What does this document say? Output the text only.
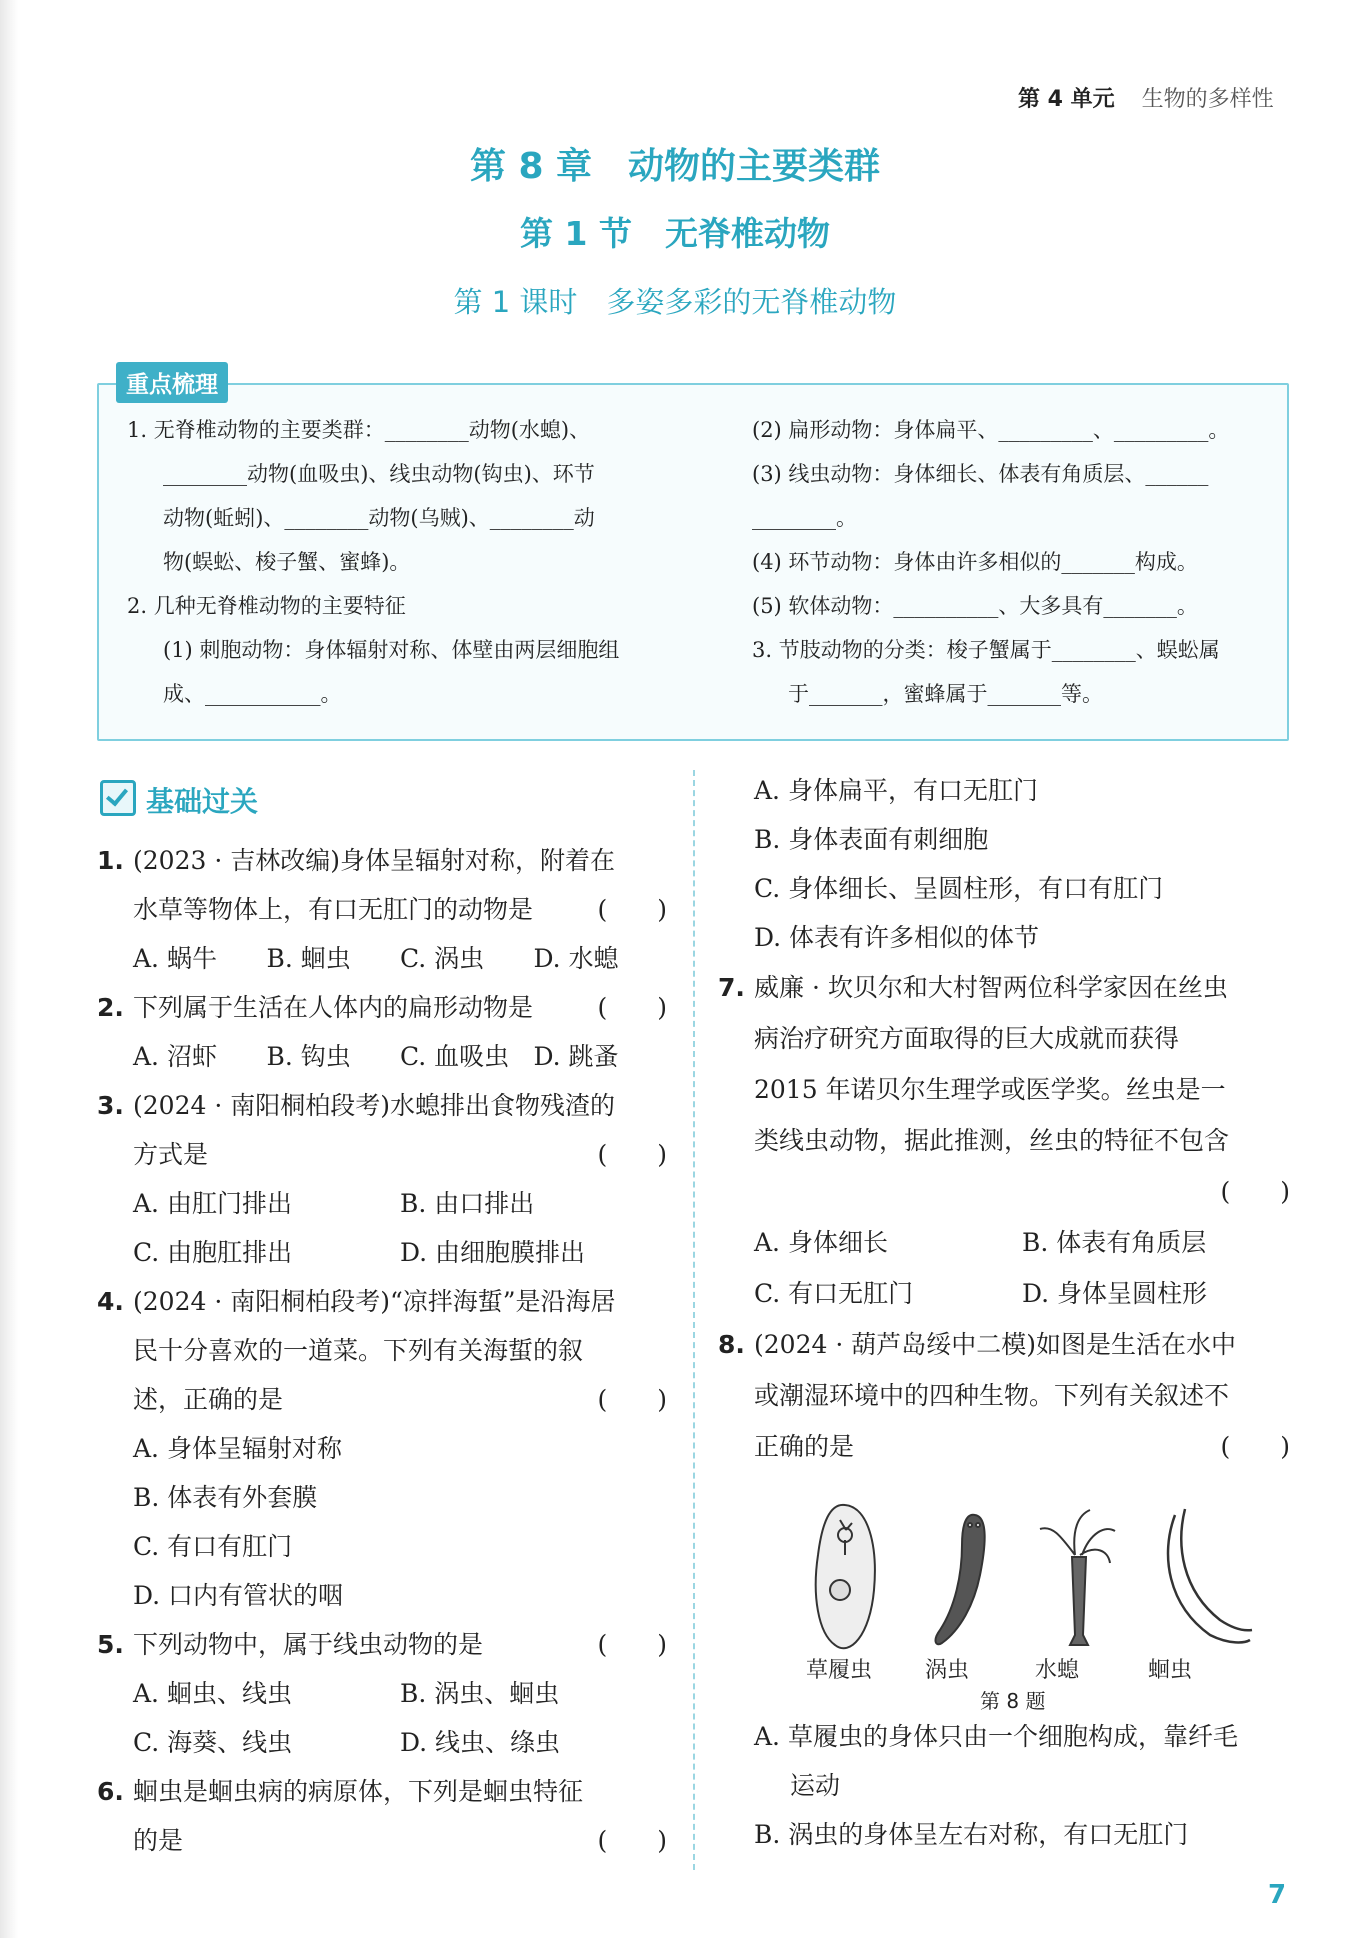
第 4 单元 生物的多样性
第 8 章　动物的主要类群
第 1 节　无脊椎动物
第 1 课时　多姿多彩的无脊椎动物
重点梳理
1. 无脊椎动物的主要类群：________动物(水螅)、
________动物(血吸虫)、线虫动物(钩虫)、环节
动物(蚯蚓)、________动物(乌贼)、________动
物(蜈蚣、梭子蟹、蜜蜂)。
2. 几种无脊椎动物的主要特征
(1) 刺胞动物：身体辐射对称、体壁由两层细胞组
成、___________。
(2) 扁形动物：身体扁平、_________、_________。
(3) 线虫动物：身体细长、体表有角质层、______
________。
(4) 环节动物：身体由许多相似的_______构成。
(5) 软体动物：__________、大多具有_______。
3. 节肢动物的分类：梭子蟹属于________、蜈蚣属
于_______，蜜蜂属于_______等。
基础过关
1. (2023 · 吉林改编)身体呈辐射对称，附着在
水草等物体上，有口无肛门的动物是	(　　)
A. 蜗牛	B. 蛔虫	C. 涡虫	D. 水螅
2. 下列属于生活在人体内的扁形动物是	(　　)
A. 沼虾	B. 钩虫	C. 血吸虫 D. 跳蚤
3. (2024 · 南阳桐柏段考)水螅排出食物残渣的
方式是	(　　)
A. 由肛门排出	B. 由口排出
C. 由胞肛排出	D. 由细胞膜排出
4. (2024 · 南阳桐柏段考)“凉拌海蜇”是沿海居
民十分喜欢的一道菜。下列有关海蜇的叙
述，正确的是	(　　)
A. 身体呈辐射对称
B. 体表有外套膜
C. 有口有肛门
D. 口内有管状的咽
5. 下列动物中，属于线虫动物的是	(　　)
A. 蛔虫、线虫	B. 涡虫、蛔虫
C. 海葵、线虫	D. 线虫、绦虫
6. 蛔虫是蛔虫病的病原体，下列是蛔虫特征
的是	(　　)
A. 身体扁平，有口无肛门
B. 身体表面有刺细胞
C. 身体细长、呈圆柱形，有口有肛门
D. 体表有许多相似的体节
7. 威廉 · 坎贝尔和大村智两位科学家因在丝虫
病治疗研究方面取得的巨大成就而获得
2015 年诺贝尔生理学或医学奖。丝虫是一
类线虫动物，据此推测，丝虫的特征不包含
(　　)
A. 身体细长	B. 体表有角质层
C. 有口无肛门	D. 身体呈圆柱形
8. (2024 · 葫芦岛绥中二模)如图是生活在水中
或潮湿环境中的四种生物。下列有关叙述不
正确的是	(　　)
草履虫 涡虫	水螅	蛔虫
第 8 题
A. 草履虫的身体只由一个细胞构成，靠纤毛
运动
B. 涡虫的身体呈左右对称，有口无肛门
7
